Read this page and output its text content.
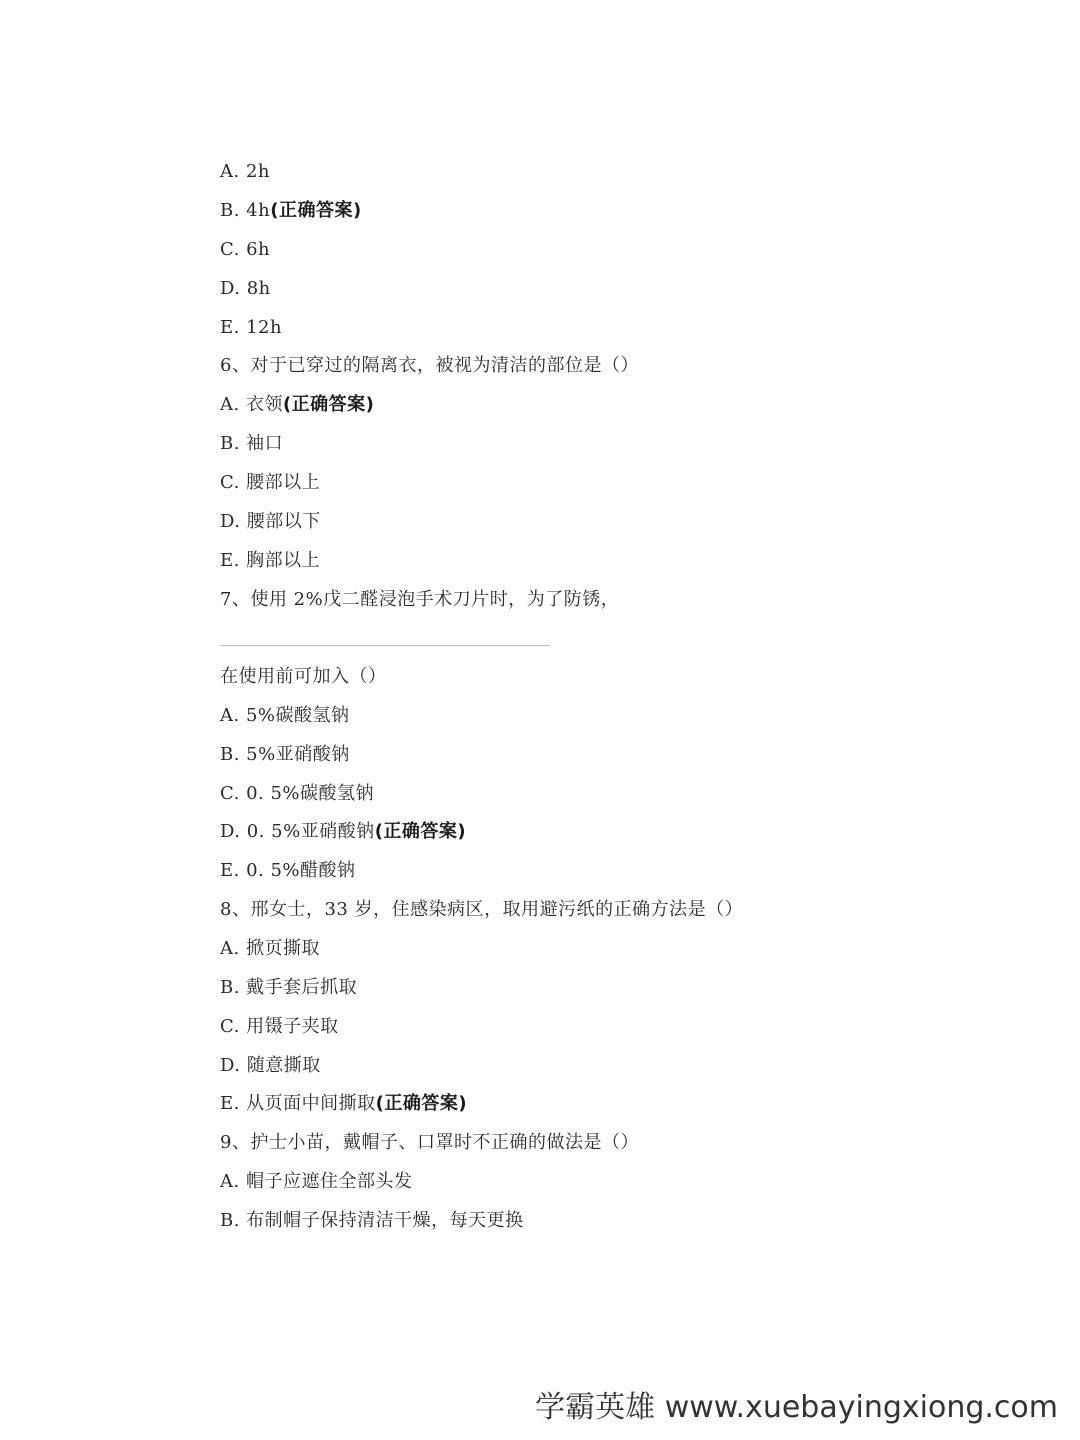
A. 2h
B. 4h(正确答案)
C. 6h
D. 8h
E. 12h
6、对于已穿过的隔离衣，被视为清洁的部位是（）
A. 衣领(正确答案)
B. 袖口
C. 腰部以上
D. 腰部以下
E. 胸部以上
7、使用 2%戊二醛浸泡手术刀片时，为了防锈，
在使用前可加入（）
A. 5%碳酸氢钠
B. 5%亚硝酸钠
C. 0. 5%碳酸氢钠
D. 0. 5%亚硝酸钠(正确答案)
E. 0. 5%醋酸钠
8、邢女士，33 岁，住感染病区，取用避污纸的正确方法是（）
A. 掀页撕取
B. 戴手套后抓取
C. 用镊子夹取
D. 随意撕取
E. 从页面中间撕取(正确答案)
9、护士小苗，戴帽子、口罩时不正确的做法是（）
A. 帽子应遮住全部头发
B. 布制帽子保持清洁干燥，每天更换
学霸英雄 www.xuebayingxiong.com
